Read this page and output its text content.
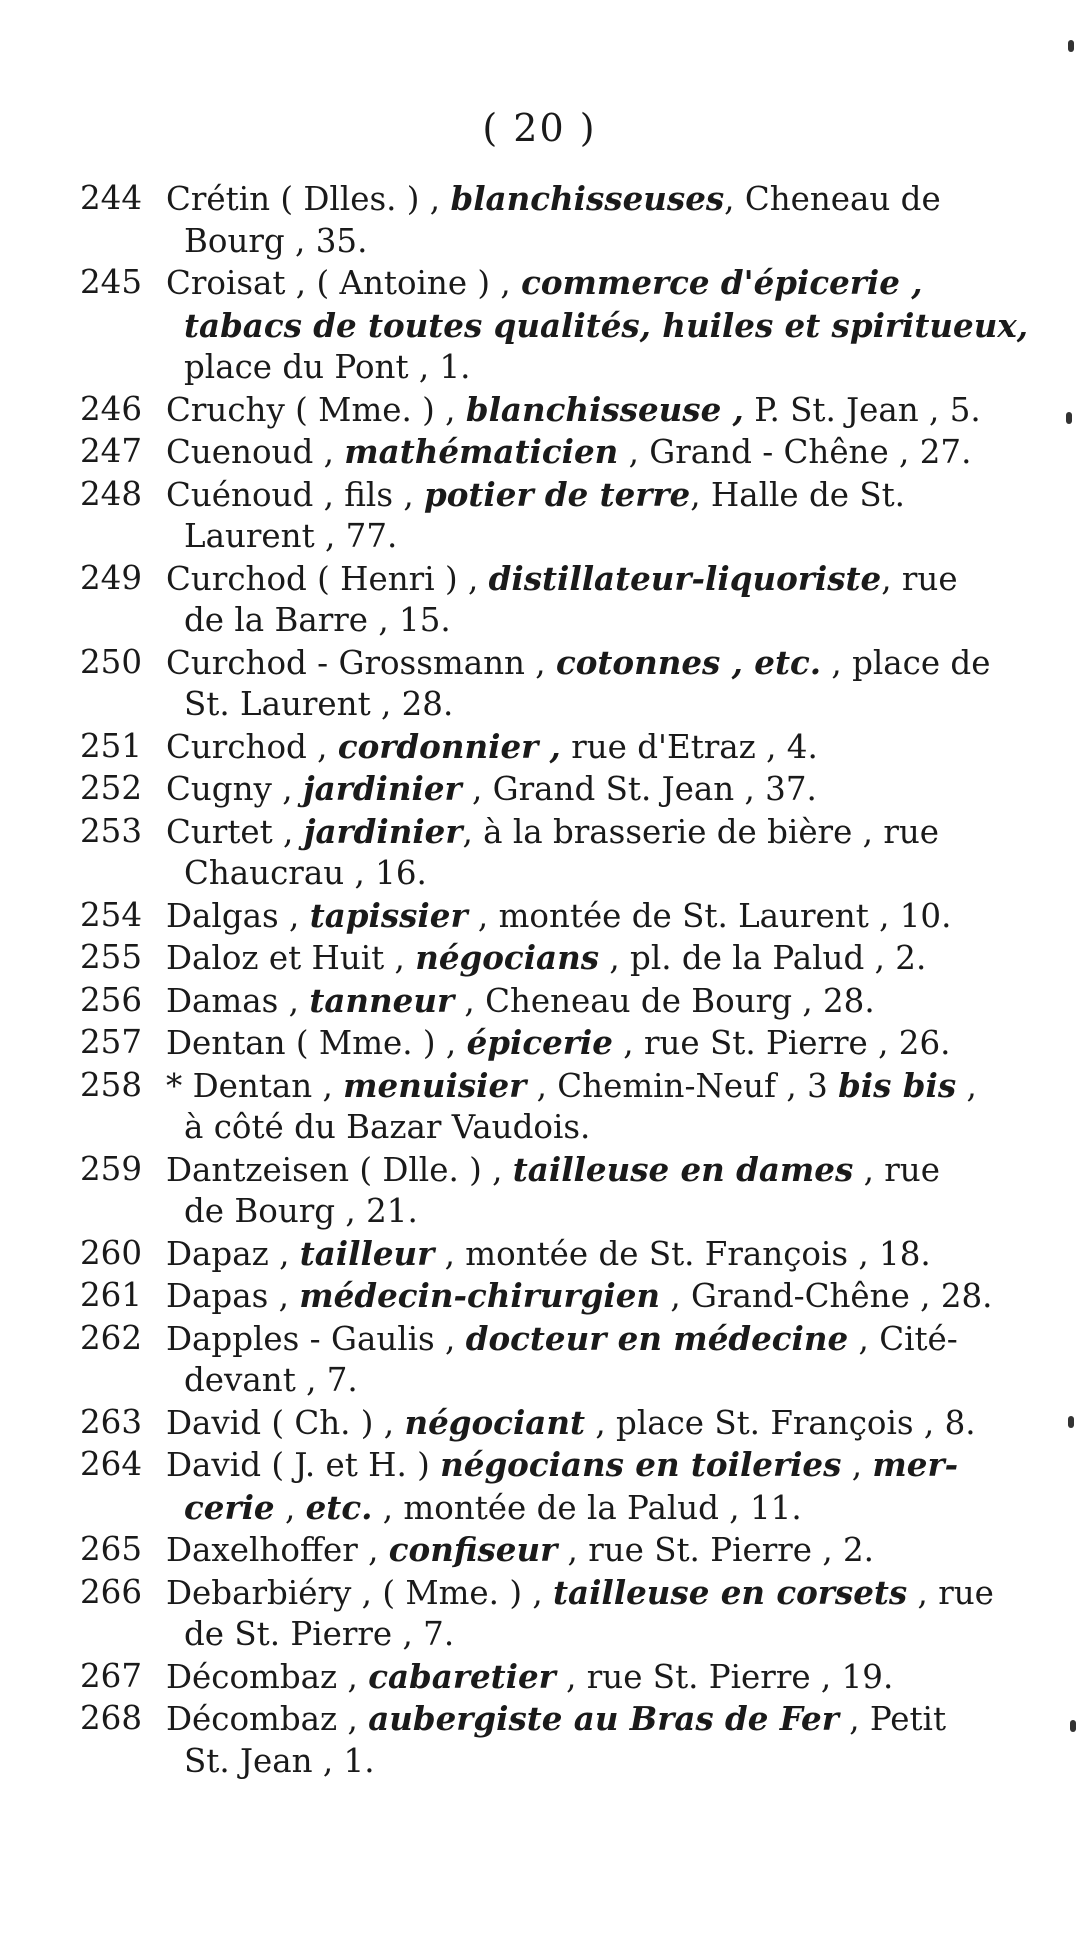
( 20 )
244 Crétin ( Dlles. ) , blanchisseuses, Cheneau de
Bourg , 35.
245 Croisat , ( Antoine ) , commerce d'épicerie ,
tabacs de toutes qualités, huiles et spiritueux,
place du Pont , 1.
246 Cruchy ( Mme. ) , blanchisseuse , P. St. Jean , 5.
247 Cuenoud , mathématicien , Grand - Chêne , 27.
248 Cuénoud , fils , potier de terre, Halle de St.
Laurent , 77.
249 Curchod ( Henri ) , distillateur-liquoriste, rue
de la Barre , 15.
250 Curchod - Grossmann , cotonnes , etc. , place de
St. Laurent , 28.
251 Curchod , cordonnier , rue d'Etraz , 4.
252 Cugny , jardinier , Grand St. Jean , 37.
253 Curtet , jardinier, à la brasserie de bière , rue
Chaucrau , 16.
254 Dalgas , tapissier , montée de St. Laurent , 10.
255 Daloz et Huit , négocians , pl. de la Palud , 2.
256 Damas , tanneur , Cheneau de Bourg , 28.
257 Dentan ( Mme. ) , épicerie , rue St. Pierre , 26.
258 * Dentan , menuisier , Chemin-Neuf , 3 bis bis ,
à côté du Bazar Vaudois.
259 Dantzeisen ( Dlle. ) , tailleuse en dames , rue
de Bourg , 21.
260 Dapaz , tailleur , montée de St. François , 18.
261 Dapas , médecin-chirurgien , Grand-Chêne , 28.
262 Dapples - Gaulis , docteur en médecine , Cité-
devant , 7.
263 David ( Ch. ) , négociant , place St. François , 8.
264 David ( J. et H. ) négocians en toileries , mer-
cerie , etc. , montée de la Palud , 11.
265 Daxelhoffer , confiseur , rue St. Pierre , 2.
266 Debarbiéry , ( Mme. ) , tailleuse en corsets , rue
de St. Pierre , 7.
267 Décombaz , cabaretier , rue St. Pierre , 19.
268 Décombaz , aubergiste au Bras de Fer , Petit
St. Jean , 1.
